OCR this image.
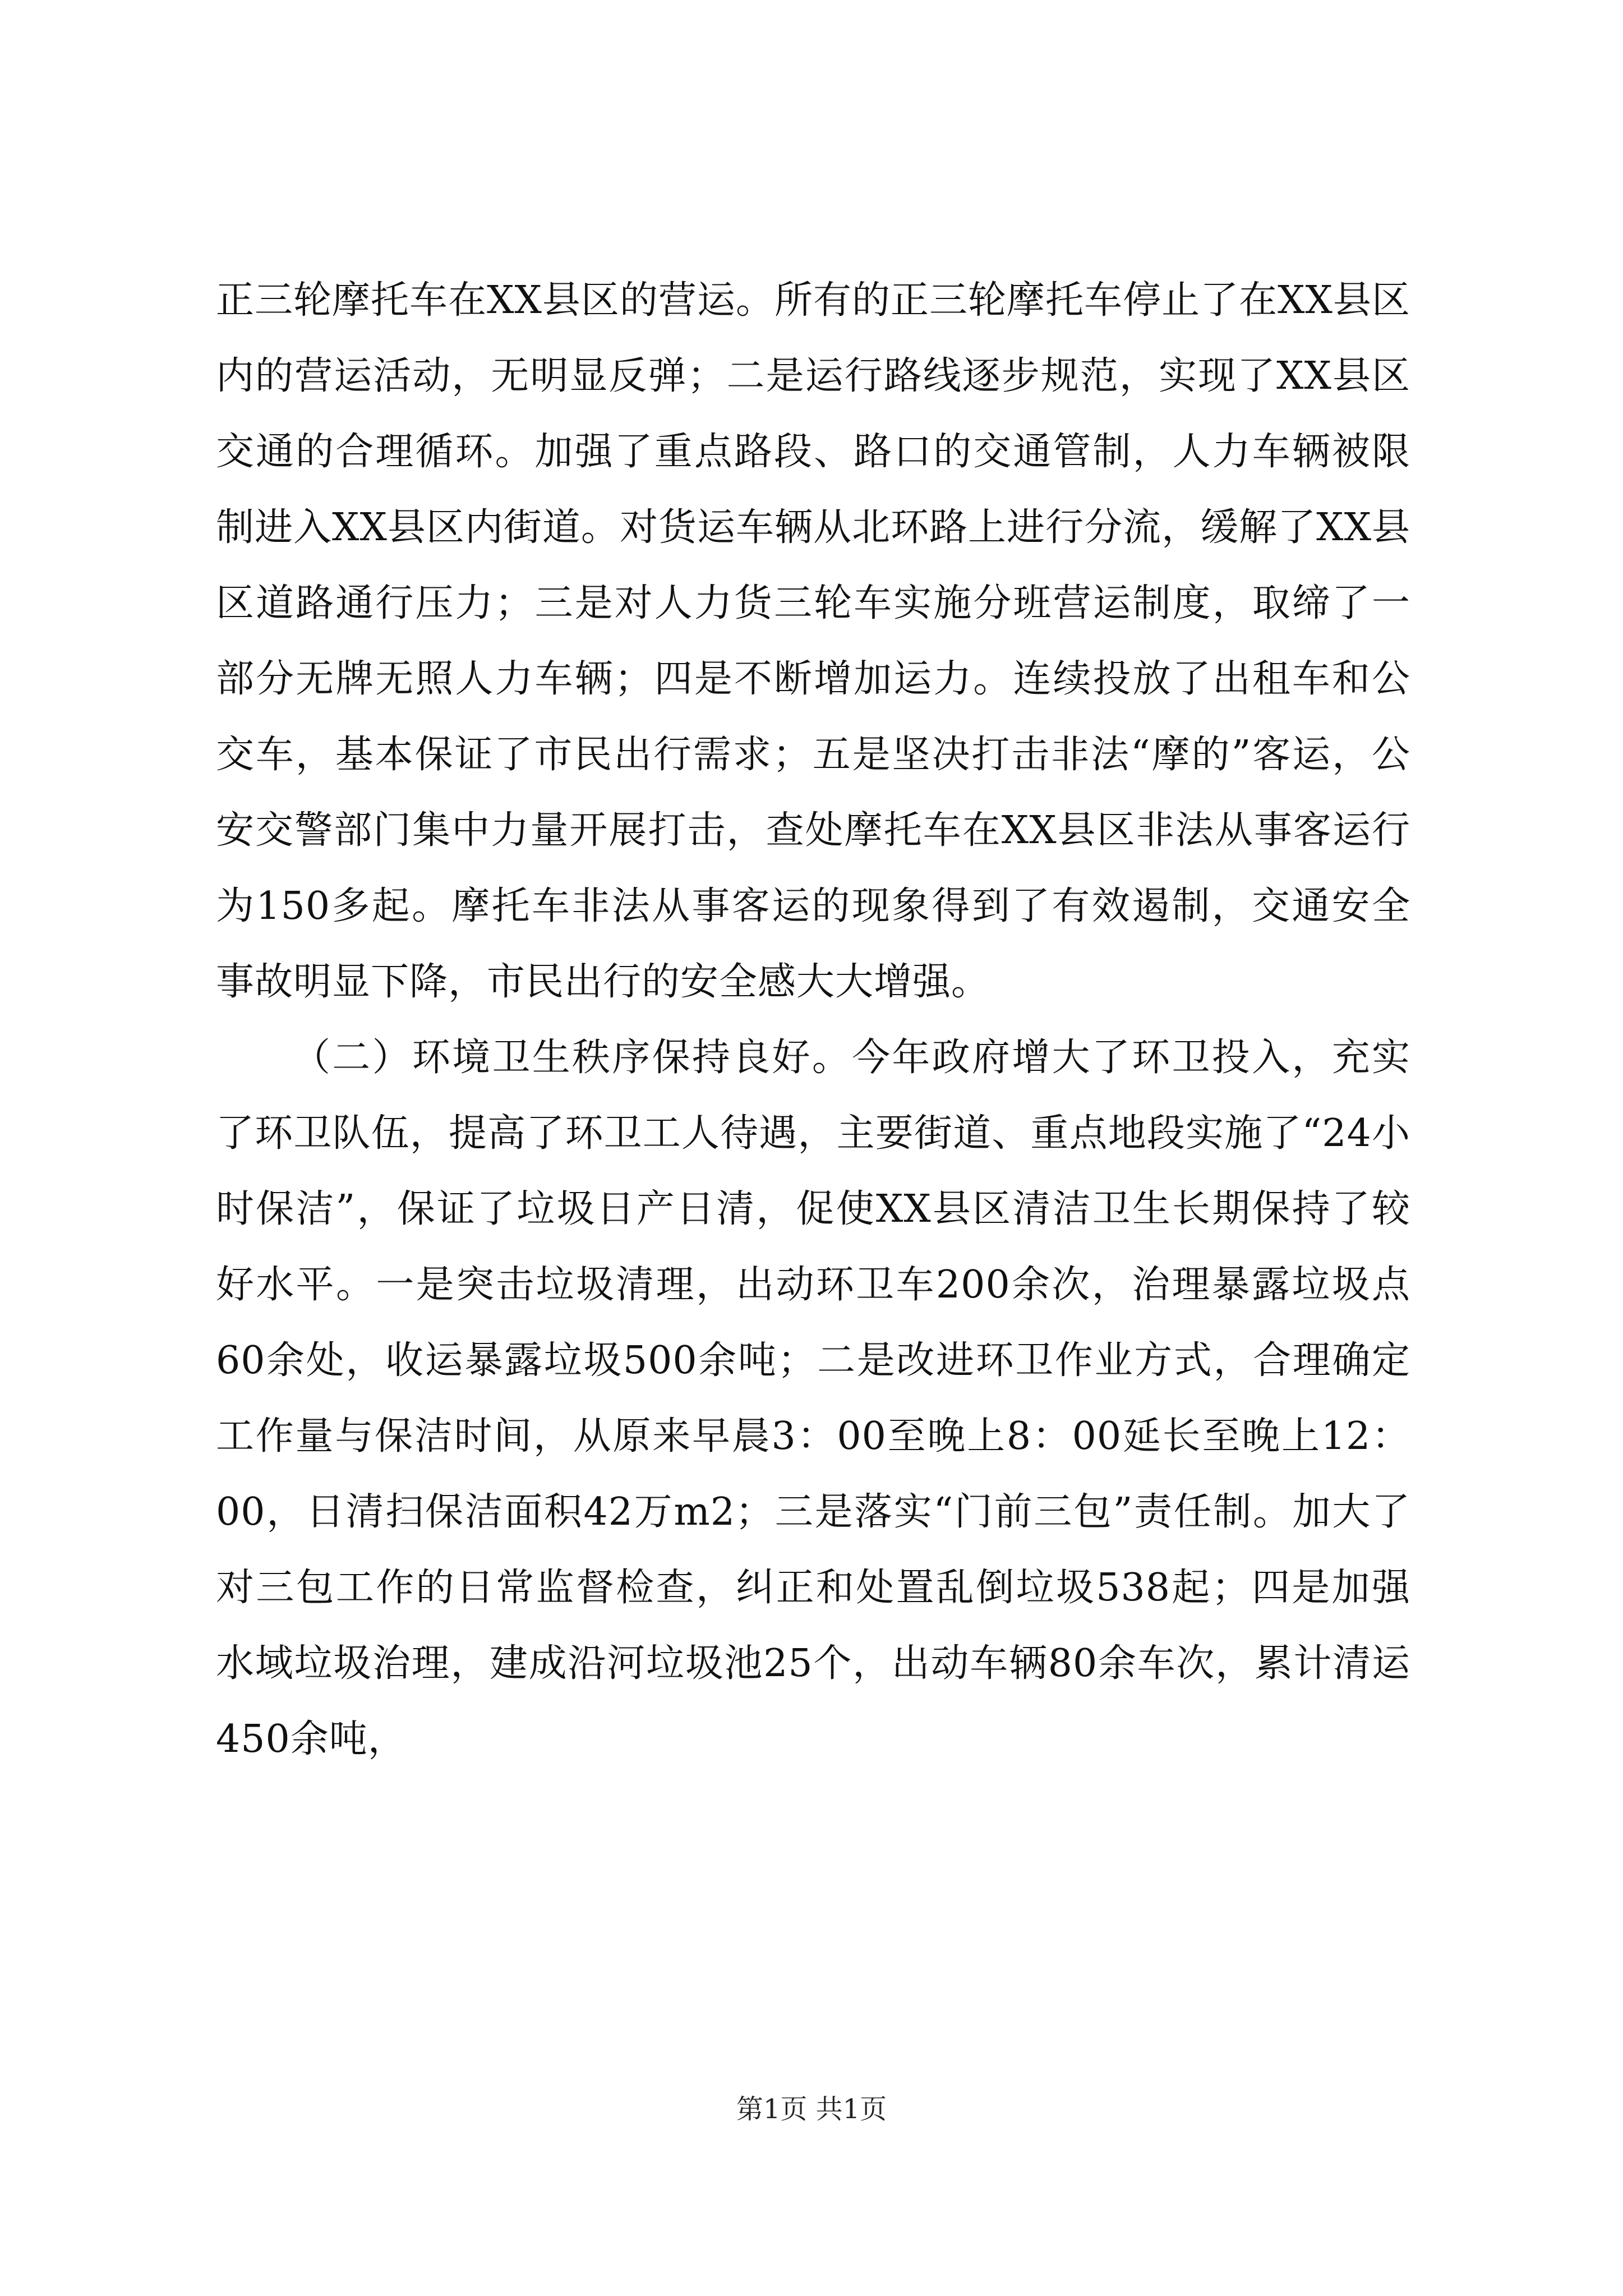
正三轮摩托车在XX县区的营运。所有的正三轮摩托车停止了在XX县区内的营运活动，无明显反弹；二是运行路线逐步规范，实现了XX县区交通的合理循环。加强了重点路段、路口的交通管制，人力车辆被限制进入XX县区内街道。对货运车辆从北环路上进行分流，缓解了XX县区道路通行压力；三是对人力货三轮车实施分班营运制度，取缔了一部分无牌无照人力车辆；四是不断增加运力。连续投放了出租车和公交车，基本保证了市民出行需求；五是坚决打击非法“摩的”客运，公安交警部门集中力量开展打击，查处摩托车在XX县区非法从事客运行为150多起。摩托车非法从事客运的现象得到了有效遏制，交通安全事故明显下降，市民出行的安全感大大增强。

（二）环境卫生秩序保持良好。今年政府增大了环卫投入，充实了环卫队伍，提高了环卫工人待遇，主要街道、重点地段实施了“24小时保洁”，保证了垃圾日产日清，促使XX县区清洁卫生长期保持了较好水平。一是突击垃圾清理，出动环卫车200余次，治理暴露垃圾点60余处，收运暴露垃圾500余吨；二是改进环卫作业方式，合理确定工作量与保洁时间，从原来早晨3：00至晚上8：00延长至晚上12：00，日清扫保洁面积42万m2；三是落实“门前三包”责任制。加大了对三包工作的日常监督检查，纠正和处置乱倒垃圾538起；四是加强水域垃圾治理，建成沿河垃圾池25个，出动车辆80余车次，累计清运450余吨，

第1页 共1页
